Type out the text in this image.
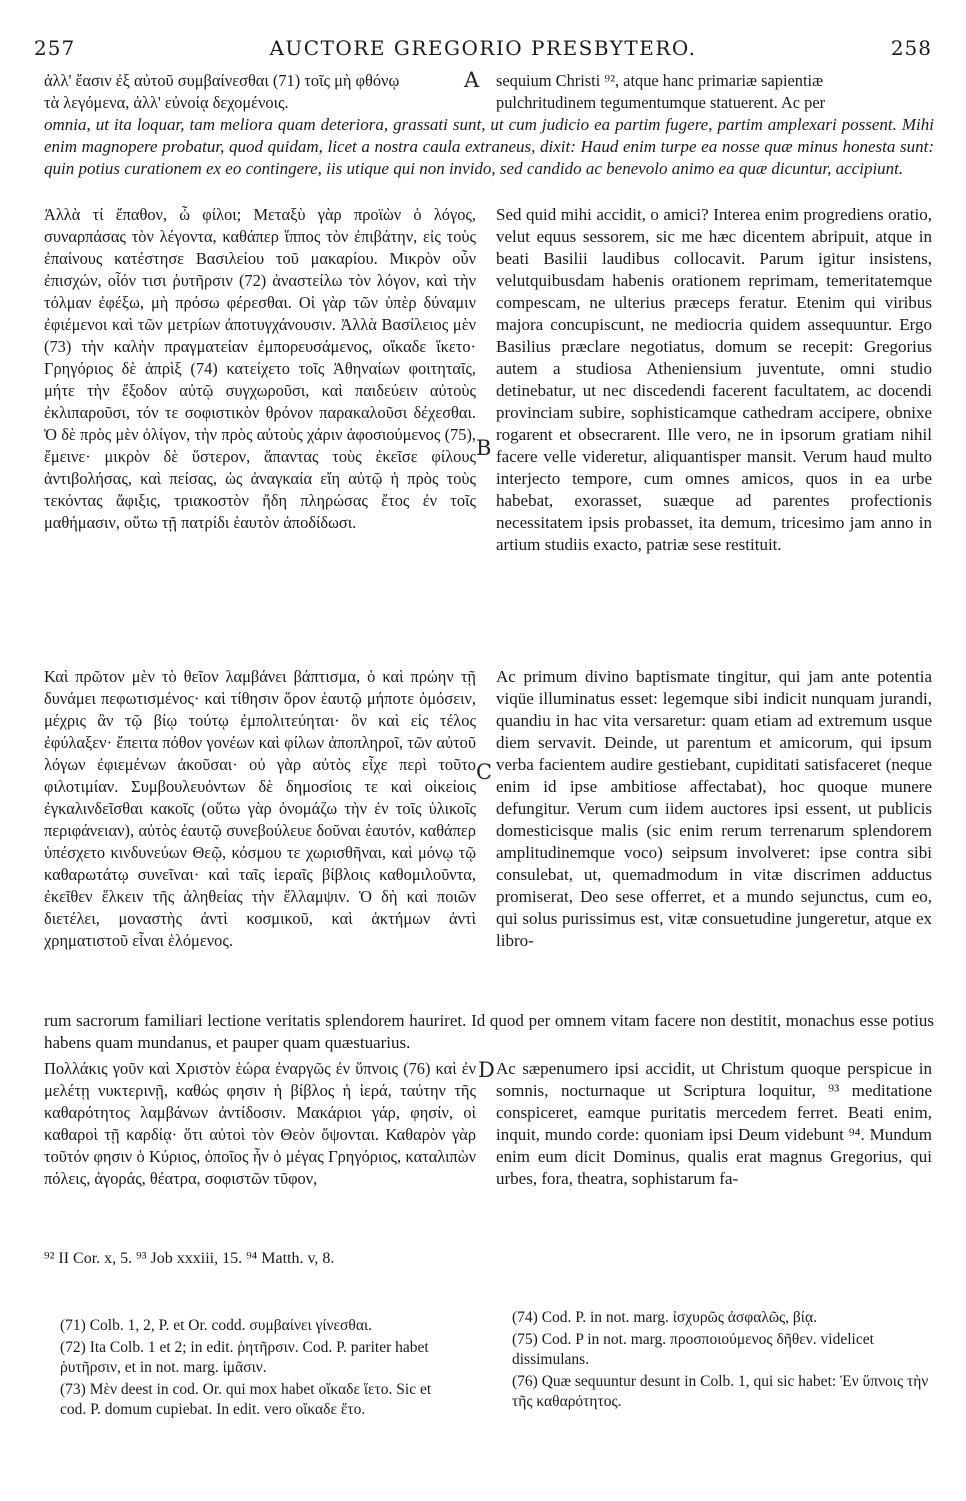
257	AUCTORE GREGORIO PRESBYTERO.	258
ἀλλ' ἔασιν ἐξ αὐτοῦ συμβαίνεσθαι (71) τοῖς μὴ φθόνῳ	sequium Christi ⁹², atque hanc primariæ sapientiæ
τὰ λεγόμενα, ἀλλ' εὐνοίᾳ δεχομένοις.	pulchritudinem tegumentumque statuerent. Ac per
A

omnia, ut ita loquar, tam meliora quam deteriora, grassati sunt, ut cum judicio ea partim fugere, partim amplexari possent. Mihi enim magnopere probatur, quod quidam, licet a nostra caula extraneus, dixit: Haud enim turpe ea nosse quæ minus honesta sunt: quin potius curationem ex eo contingere, iis utique qui non invido, sed candido ac benevolo animo ea quæ dicuntur, accipiunt.

Ἀλλὰ τί ἔπαθον, ὦ φίλοι; Μεταξὺ γὰρ προϊὼν ὁ λόγος, συναρπάσας τὸν λέγοντα, καθάπερ ἵππος τὸν ἐπιβάτην, εἰς τοὺς ἐπαίνους κατέστησε Βασιλείου τοῦ μακαρίου. Μικρὸν οὖν ἐπισχών, οἷόν τισι ῥυτῆρσιν (72) ἀναστείλω τὸν λόγον, καὶ τὴν τόλμαν ἐφέξω, μὴ πρόσω φέρεσθαι. Οἱ γὰρ τῶν ὑπὲρ δύναμιν ἐφιέμενοι καὶ τῶν μετρίων ἀποτυγχάνουσιν. Ἀλλὰ Βασίλειος μὲν (73) τὴν καλὴν πραγματείαν ἐμπορευσάμενος, οἴκαδε ἵκετο· Γρηγόριος δὲ ἀπρὶξ (74) κατείχετο τοῖς Ἀθηναίων φοιτηταῖς, μήτε τὴν ἔξοδον αὐτῷ συγχωροῦσι, καὶ παιδεύειν αὐτοὺς ἐκλιπαροῦσι, τόν τε σοφιστικὸν θρόνον παρακαλοῦσι δέχεσθαι. Ὁ δὲ πρὸς μὲν ὀλίγον, τὴν πρὸς αὐτοὺς χάριν ἀφοσιούμενος (75), ἔμεινε· μικρὸν δὲ ὕστερον, ἅπαντας τοὺς ἐκεῖσε φίλους ἀντιβολήσας, καὶ πείσας, ὡς ἀναγκαία εἴη αὐτῷ ἡ πρὸς τοὺς τεκόντας ἄφιξις, τριακοστὸν ἤδη πληρώσας ἔτος ἐν τοῖς μαθήμασιν, οὕτω τῇ πατρίδι ἑαυτὸν ἀποδίδωσι.

Sed quid mihi accidit, o amici? Interea enim progrediens oratio, velut equus sessorem, sic me hæc dicentem abripuit, atque in beati Basilii laudibus collocavit. Parum igitur insistens, velutquibusdam habenis orationem reprimam, temeritatemque compescam, ne ulterius præceps feratur. Etenim qui viribus majora concupiscunt, ne mediocria quidem assequuntur. Ergo Basilius præclare negotiatus, domum se recepit: Gregorius autem a studiosa Atheniensium juventute, omni studio detinebatur, ut nec discedendi facerent facultatem, ac docendi provinciam subire, sophisticamque cathedram accipere, obnixe rogarent et obsecrarent. Ille vero, ne in ipsorum gratiam nihil facere velle videretur, aliquantisper mansit. Verum haud multo interjecto tempore, cum omnes amicos, quos in ea urbe habebat, exorasset, suæque ad parentes profectionis necessitatem ipsis probasset, ita demum, tricesimo jam anno in artium studiis exacto, patriæ sese restituit.

B

Καὶ πρῶτον μὲν τὸ θεῖον λαμβάνει βάπτισμα, ὁ καὶ πρώην τῇ δυνάμει πεφωτισμένος· καὶ τίθησιν ὅρον ἑαυτῷ μήποτε ὀμόσειν, μέχρις ἂν τῷ βίῳ τούτῳ ἐμπολιτεύηται· ὃν καὶ εἰς τέλος ἐφύλαξεν· ἔπειτα πόθον γονέων καὶ φίλων ἀποπληροῖ, τῶν αὐτοῦ λόγων ἐφιεμένων ἀκοῦσαι· οὐ γὰρ αὐτὸς εἶχε περὶ τοῦτο φιλοτιμίαν. Συμβουλευόντων δὲ δημοσίοις τε καὶ οἰκείοις ἐγκαλινδεῖσθαι κακοῖς (οὕτω γὰρ ὀνομάζω τὴν ἐν τοῖς ὑλικοῖς περιφάνειαν), αὐτὸς ἑαυτῷ συνεβούλευε δοῦναι ἑαυτόν, καθάπερ ὑπέσχετο κινδυνεύων Θεῷ, κόσμου τε χωρισθῆναι, καὶ μόνῳ τῷ καθαρωτάτῳ συνεῖναι· καὶ ταῖς ἱεραῖς βίβλοις καθομιλοῦντα, ἐκεῖθεν ἕλκειν τῆς ἀληθείας τὴν ἔλλαμψιν. Ὁ δὴ καὶ ποιῶν διετέλει, μοναστὴς ἀντὶ κοσμικοῦ, καὶ ἀκτήμων ἀντὶ χρηματιστοῦ εἶναι ἑλόμενος.

Ac primum divino baptismate tingitur, qui jam ante potentia viqüe illuminatus esset: legemque sibi indicit nunquam jurandi, quandiu in hac vita versaretur: quam etiam ad extremum usque diem servavit. Deinde, ut parentum et amicorum, qui ipsum verba facientem audire gestiebant, cupiditati satisfaceret (neque enim id ipse ambitiose affectabat), hoc quoque munere defungitur. Verum cum iidem auctores ipsi essent, ut publicis domesticisque malis (sic enim rerum terrenarum splendorem amplitudinemque voco) seipsum involveret: ipse contra sibi consulebat, ut, quemadmodum in vitæ discrimen adductus promiserat, Deo sese offerret, et a mundo sejunctus, cum eo, qui solus purissimus est, vitæ consuetudine jungeretur, atque ex libro-

C

rum sacrorum familiari lectione veritatis splendorem hauriret. Id quod per omnem vitam facere non destitit, monachus esse potius habens quam mundanus, et pauper quam quæstuarius.

Πολλάκις γοῦν καὶ Χριστὸν ἑώρα ἐναργῶς ἐν ὕπνοις (76) καὶ ἐν μελέτῃ νυκτερινῇ, καθώς φησιν ἡ βίβλος ἡ ἱερά, ταύτην τῆς καθαρότητος λαμβάνων ἀντίδοσιν. Μακάριοι γάρ, φησίν, οἱ καθαροὶ τῇ καρδίᾳ· ὅτι αὐτοὶ τὸν Θεὸν ὄψονται. Καθαρὸν γὰρ τοῦτόν φησιν ὁ Κύριος, ὁποῖος ἦν ὁ μέγας Γρηγόριος, καταλιπὼν πόλεις, ἀγοράς, θέατρα, σοφιστῶν τῦφον,

Ac sæpenumero ipsi accidit, ut Christum quoque perspicue in somnis, nocturnaque ut Scriptura loquitur, ⁹³ meditatione conspiceret, eamque puritatis mercedem ferret. Beati enim, inquit, mundo corde: quoniam ipsi Deum videbunt ⁹⁴. Mundum enim eum dicit Dominus, qualis erat magnus Gregorius, qui urbes, fora, theatra, sophistarum fa-

D
⁹² II Cor. x, 5. ⁹³ Job xxxiii, 15. ⁹⁴ Matth. v, 8.

(71) Colb. 1, 2, P. et Or. codd. συμβαίνει γίνεσθαι.

(72) Ita Colb. 1 et 2; in edit. ῥητῆρσιν. Cod. P. pariter habet ῥυτῆρσιν, et in not. marg. ἱμᾶσιν.

(73) Μὲν deest in cod. Or. qui mox habet οἴκαδε ἵετο. Sic et cod. P. domum cupiebat. In edit. vero οἴκαδε ἔτο.

(74) Cod. P. in not. marg. ἰσχυρῶς ἀσφαλῶς, βίᾳ.

(75) Cod. P in not. marg. προσποιούμενος δῆθεν. videlicet dissimulans.

(76) Quæ sequuntur desunt in Colb. 1, qui sic habet: Ἐν ὕπνοις τὴν τῆς καθαρότητος.
